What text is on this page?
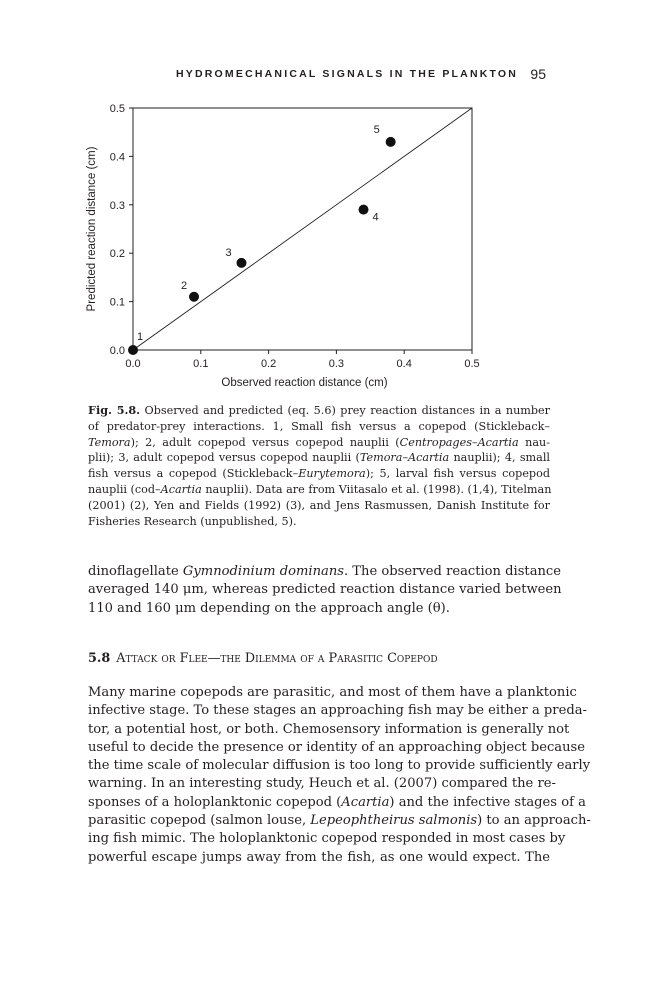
HYDROMECHANICAL SIGNALS IN THE PLANKTON 95
0.0	0.1	0.2	0.3	0.4	0.5
0.0
0.1
0.2
0.3
0.4
0.5
Observed reaction distance (cm)
Predicted reaction distance (cm)
1
2
3
4
5
Fig. 5.8. Observed and predicted (eq. 5.6) prey reaction distances in a number
of predator-prey interactions. 1, Small fish versus a copepod (Stickleback–
Temora); 2, adult copepod versus copepod nauplii (Centropages–Acartia nau-
plii); 3, adult copepod versus copepod nauplii (Temora–Acartia nauplii); 4, small
fish versus a copepod (Stickleback–Eurytemora); 5, larval fish versus copepod
nauplii (cod–Acartia nauplii). Data are from Viitasalo et al. (1998). (1,4), Titelman
(2001) (2), Yen and Fields (1992) (3), and Jens Rasmussen, Danish Institute for
Fisheries Research (unpublished, 5).
dinoflagellate Gymnodinium dominans. The observed reaction distance
averaged 140 μm, whereas predicted reaction distance varied between
110 and 160 μm depending on the approach angle (θ).
5.8 Attack or Flee—the Dilemma of a Parasitic Copepod
Many marine copepods are parasitic, and most of them have a planktonic
infective stage. To these stages an approaching fish may be either a preda-
tor, a potential host, or both. Chemosensory information is generally not
useful to decide the presence or identity of an approaching object because
the time scale of molecular diffusion is too long to provide sufficiently early
warning. In an interesting study, Heuch et al. (2007) compared the re-
sponses of a holoplanktonic copepod (Acartia) and the infective stages of a
parasitic copepod (salmon louse, Lepeophtheirus salmonis) to an approach-
ing fish mimic. The holoplanktonic copepod responded in most cases by
powerful escape jumps away from the fish, as one would expect. The
